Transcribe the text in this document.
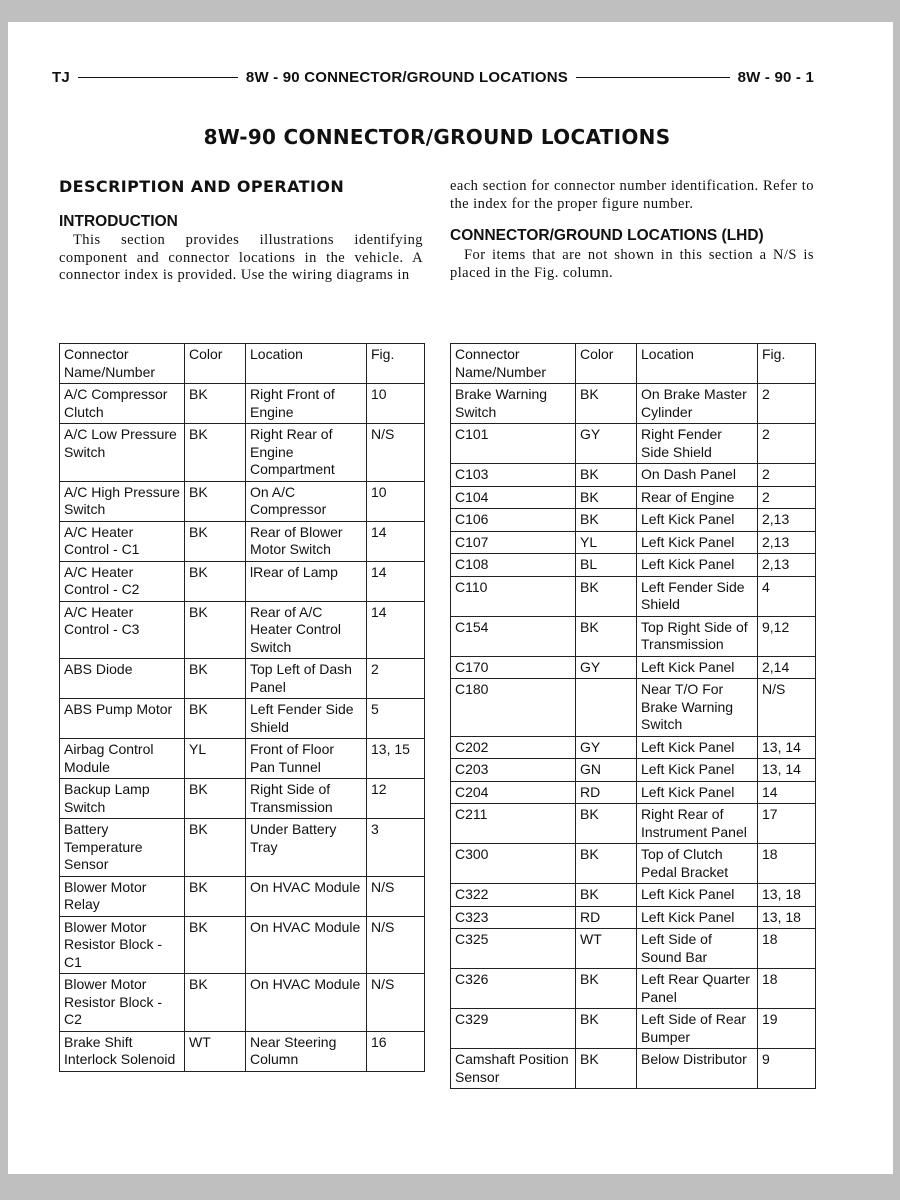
TJ	8W - 90 CONNECTOR/GROUND LOCATIONS	8W - 90 - 1
8W-90 CONNECTOR/GROUND LOCATIONS
DESCRIPTION AND OPERATION
INTRODUCTION
This section provides illustrations identifying component and connector locations in the vehicle. A connector index is provided. Use the wiring diagrams in
each section for connector number identification. Refer to the index for the proper figure number.
CONNECTOR/GROUND LOCATIONS (LHD)
For items that are not shown in this section a N/S is placed in the Fig. column.
Connector Name/Number	Color	Location	Fig.
A/C Compressor Clutch	BK	Right Front of Engine	10
A/C Low Pressure Switch	BK	Right Rear of Engine Compartment	N/S
A/C High Pressure Switch	BK	On A/C Compressor	10
A/C Heater Control - C1	BK	Rear of Blower Motor Switch	14
A/C Heater Control - C2	BK	lRear of Lamp	14
A/C Heater Control - C3	BK	Rear of A/C Heater Control Switch	14
ABS Diode	BK	Top Left of Dash Panel	2
ABS Pump Motor	BK	Left Fender Side Shield	5
Airbag Control Module	YL	Front of Floor Pan Tunnel	13, 15
Backup Lamp Switch	BK	Right Side of Transmission	12
Battery Temperature Sensor	BK	Under Battery Tray	3
Blower Motor Relay	BK	On HVAC Module	N/S
Blower Motor Resistor Block - C1	BK	On HVAC Module	N/S
Blower Motor Resistor Block - C2	BK	On HVAC Module	N/S
Brake Shift Interlock Solenoid	WT	Near Steering Column	16
Connector Name/Number	Color	Location	Fig.
Brake Warning Switch	BK	On Brake Master Cylinder	2
C101	GY	Right Fender Side Shield	2
C103	BK	On Dash Panel	2
C104	BK	Rear of Engine	2
C106	BK	Left Kick Panel	2,13
C107	YL	Left Kick Panel	2,13
C108	BL	Left Kick Panel	2,13
C110	BK	Left Fender Side Shield	4
C154	BK	Top Right Side of Transmission	9,12
C170	GY	Left Kick Panel	2,14
C180		Near T/O For Brake Warning Switch	N/S
C202	GY	Left Kick Panel	13, 14
C203	GN	Left Kick Panel	13, 14
C204	RD	Left Kick Panel	14
C211	BK	Right Rear of Instrument Panel	17
C300	BK	Top of Clutch Pedal Bracket	18
C322	BK	Left Kick Panel	13, 18
C323	RD	Left Kick Panel	13, 18
C325	WT	Left Side of Sound Bar	18
C326	BK	Left Rear Quarter Panel	18
C329	BK	Left Side of Rear Bumper	19
Camshaft Position Sensor	BK	Below Distributor	9
